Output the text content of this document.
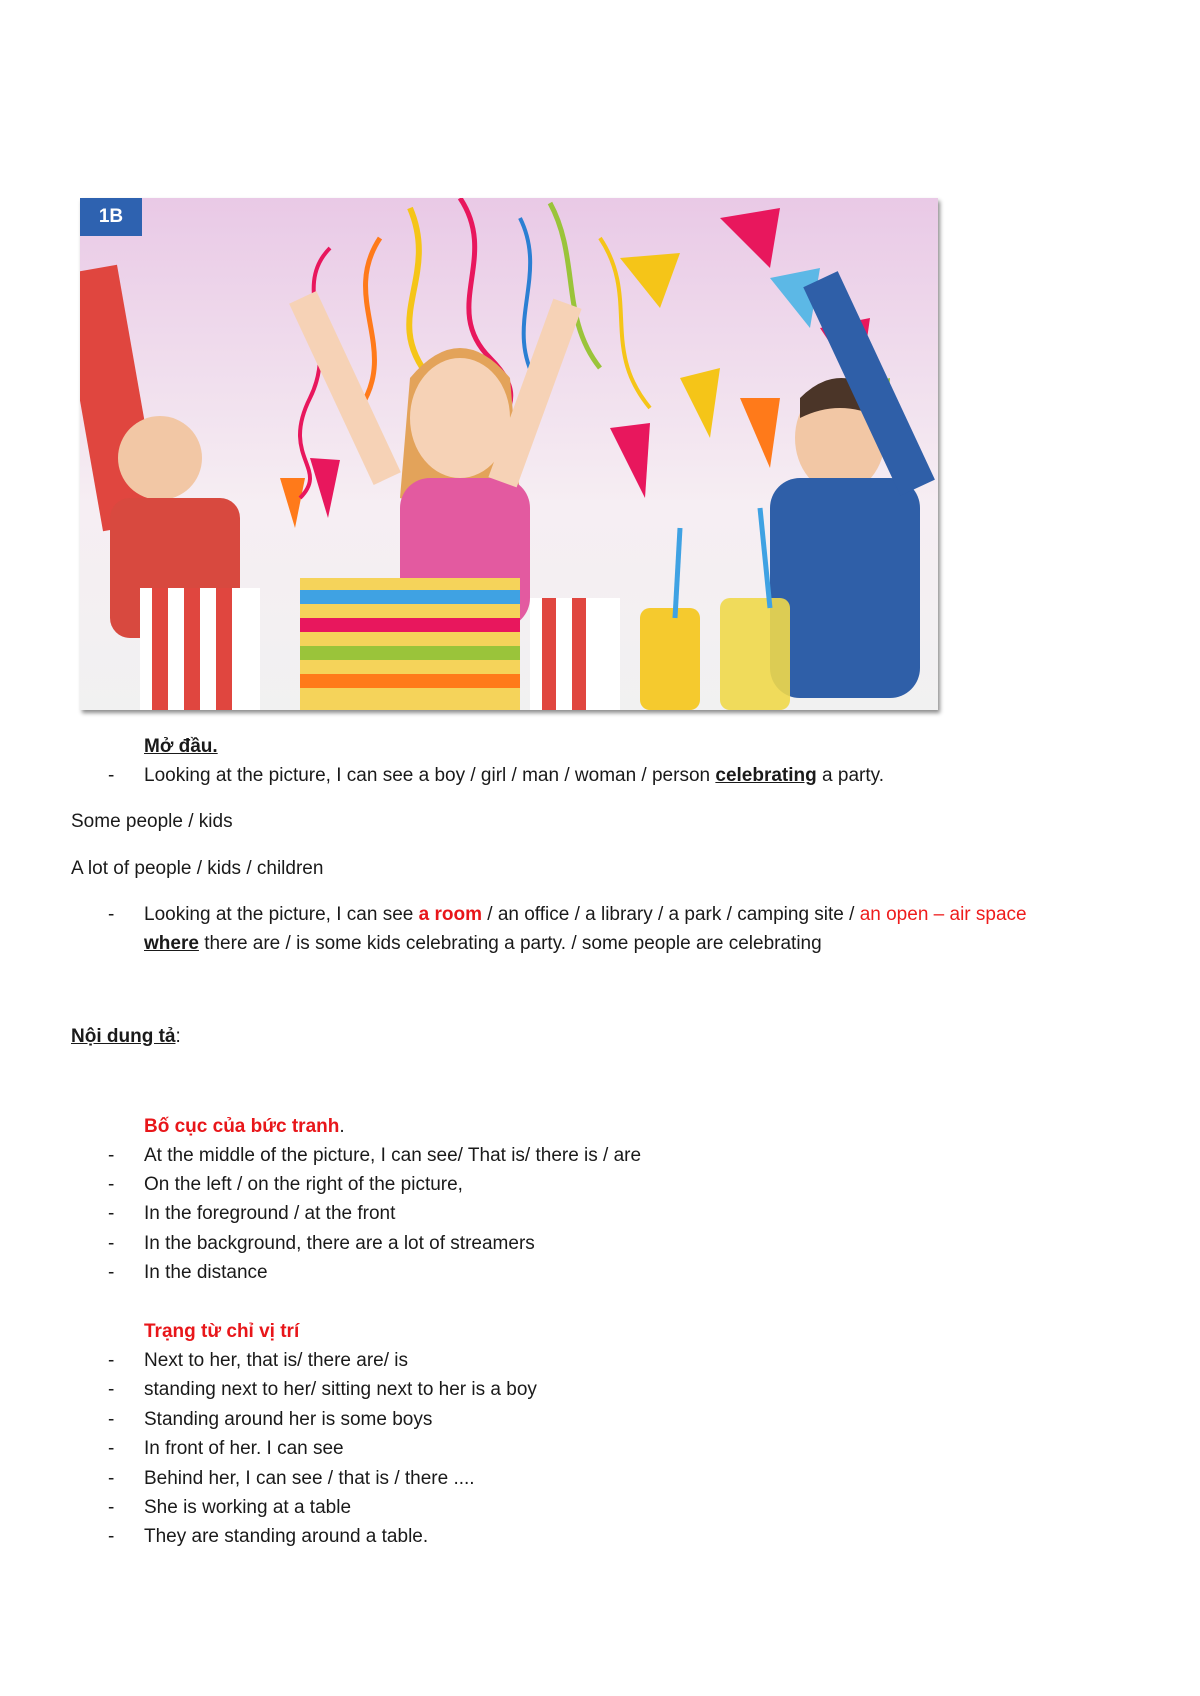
1B
Mở đầu.
- Looking at the picture, I can see a boy / girl / man / woman / person celebrating a party.
Some people / kids
A lot of people / kids / children
- Looking at the picture, I can see a room / an office / a library / a park / camping site / an open – air space
where there are / is some kids celebrating a party. / some people are celebrating
Nội dung tả:
Bố cục của bức tranh.
- At the middle of the picture, I can see/ That is/ there is / are
- On the left / on the right of the picture,
- In the foreground / at the front
- In the background, there are a lot of streamers
- In the distance
Trạng từ chỉ vị trí
- Next to her, that is/ there are/ is
- standing next to her/ sitting next to her is a boy
- Standing around her is some boys
- In front of her. I can see
- Behind her, I can see / that is / there ....
- She is working at a table
- They are standing around a table.
